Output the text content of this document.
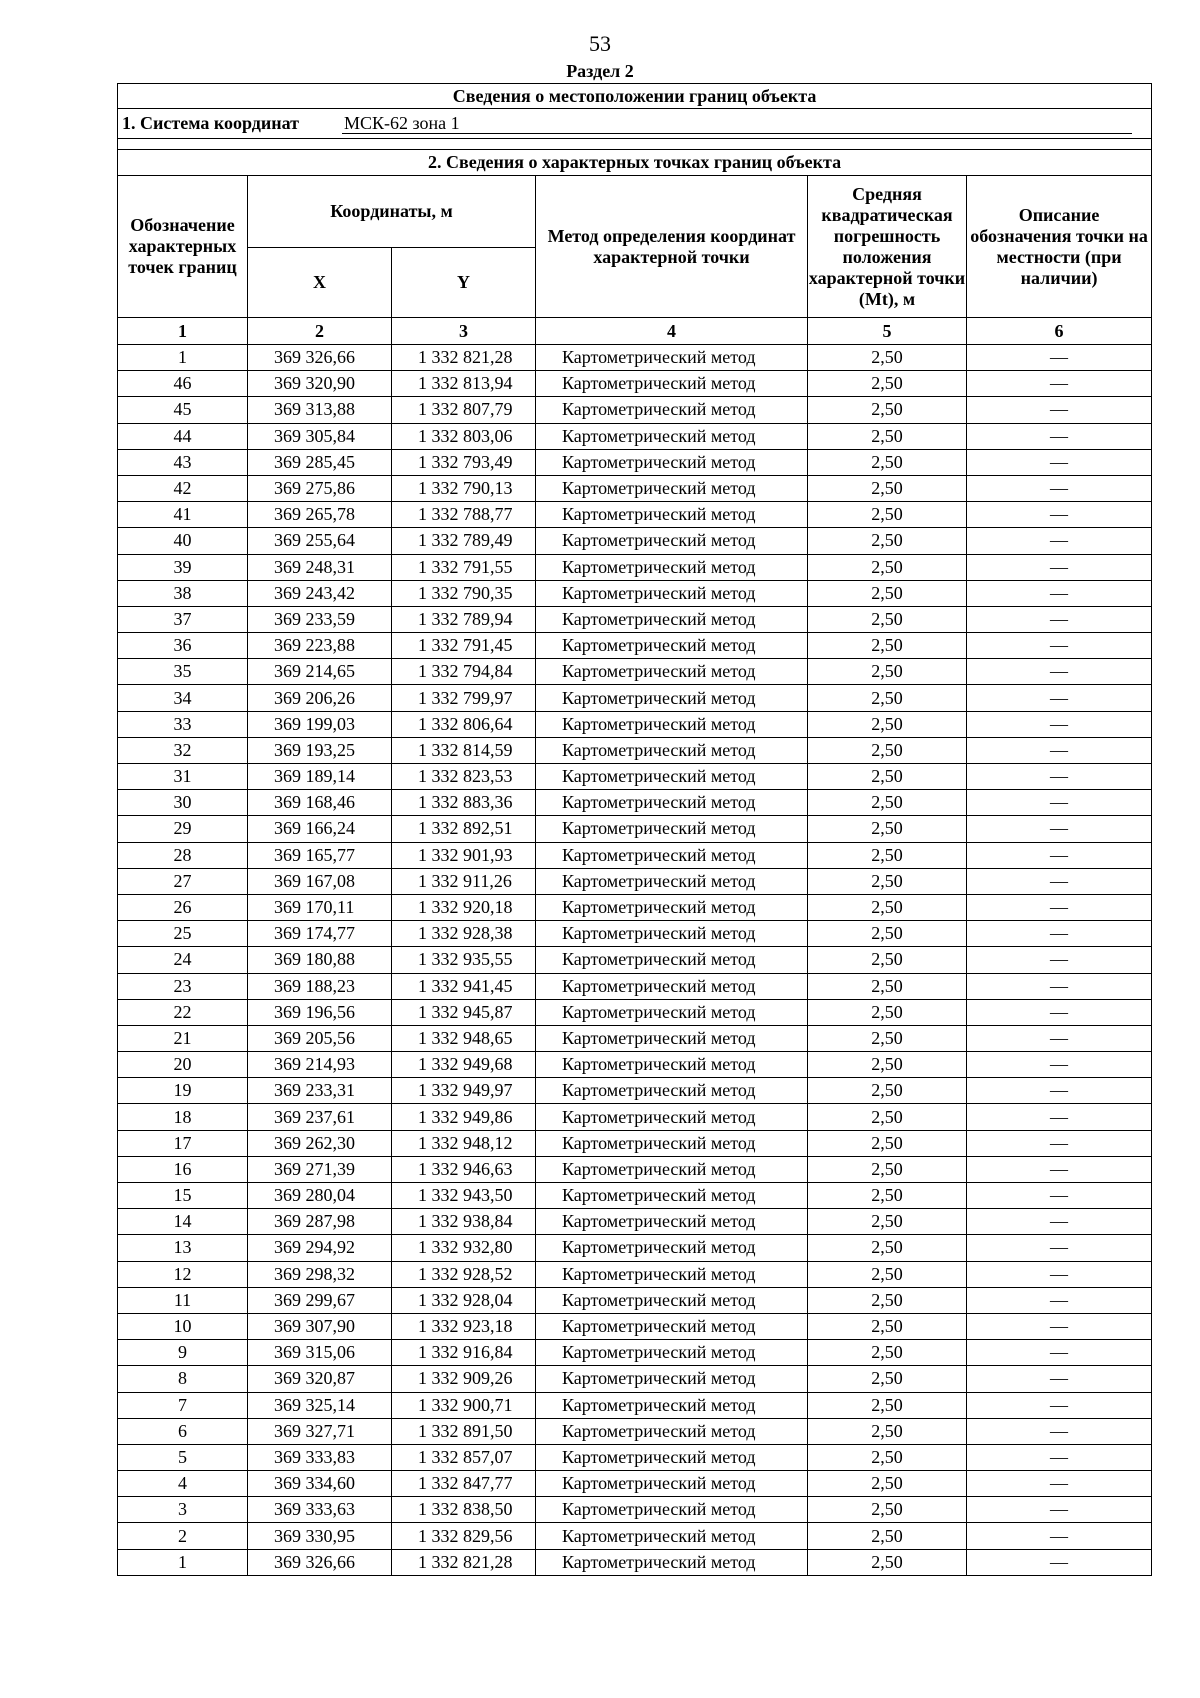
53
Раздел 2
Сведения о местоположении границ объекта					
1. Система координат МСК-62 зона 1					

2. Сведения о характерных точках границ объекта					
Обозначение характерных точек границ	Координаты, м		Метод определения координат характерной точки	Средняя квадратическая погрешность положения характерной точки (Mt), м	Описание обозначения точки на местности (при наличии)
	X	Y			
1	2	3	4	5	6
1	369 326,66	1 332 821,28	Картометрический метод	2,50	—
46	369 320,90	1 332 813,94	Картометрический метод	2,50	—
45	369 313,88	1 332 807,79	Картометрический метод	2,50	—
44	369 305,84	1 332 803,06	Картометрический метод	2,50	—
43	369 285,45	1 332 793,49	Картометрический метод	2,50	—
42	369 275,86	1 332 790,13	Картометрический метод	2,50	—
41	369 265,78	1 332 788,77	Картометрический метод	2,50	—
40	369 255,64	1 332 789,49	Картометрический метод	2,50	—
39	369 248,31	1 332 791,55	Картометрический метод	2,50	—
38	369 243,42	1 332 790,35	Картометрический метод	2,50	—
37	369 233,59	1 332 789,94	Картометрический метод	2,50	—
36	369 223,88	1 332 791,45	Картометрический метод	2,50	—
35	369 214,65	1 332 794,84	Картометрический метод	2,50	—
34	369 206,26	1 332 799,97	Картометрический метод	2,50	—
33	369 199,03	1 332 806,64	Картометрический метод	2,50	—
32	369 193,25	1 332 814,59	Картометрический метод	2,50	—
31	369 189,14	1 332 823,53	Картометрический метод	2,50	—
30	369 168,46	1 332 883,36	Картометрический метод	2,50	—
29	369 166,24	1 332 892,51	Картометрический метод	2,50	—
28	369 165,77	1 332 901,93	Картометрический метод	2,50	—
27	369 167,08	1 332 911,26	Картометрический метод	2,50	—
26	369 170,11	1 332 920,18	Картометрический метод	2,50	—
25	369 174,77	1 332 928,38	Картометрический метод	2,50	—
24	369 180,88	1 332 935,55	Картометрический метод	2,50	—
23	369 188,23	1 332 941,45	Картометрический метод	2,50	—
22	369 196,56	1 332 945,87	Картометрический метод	2,50	—
21	369 205,56	1 332 948,65	Картометрический метод	2,50	—
20	369 214,93	1 332 949,68	Картометрический метод	2,50	—
19	369 233,31	1 332 949,97	Картометрический метод	2,50	—
18	369 237,61	1 332 949,86	Картометрический метод	2,50	—
17	369 262,30	1 332 948,12	Картометрический метод	2,50	—
16	369 271,39	1 332 946,63	Картометрический метод	2,50	—
15	369 280,04	1 332 943,50	Картометрический метод	2,50	—
14	369 287,98	1 332 938,84	Картометрический метод	2,50	—
13	369 294,92	1 332 932,80	Картометрический метод	2,50	—
12	369 298,32	1 332 928,52	Картометрический метод	2,50	—
11	369 299,67	1 332 928,04	Картометрический метод	2,50	—
10	369 307,90	1 332 923,18	Картометрический метод	2,50	—
9	369 315,06	1 332 916,84	Картометрический метод	2,50	—
8	369 320,87	1 332 909,26	Картометрический метод	2,50	—
7	369 325,14	1 332 900,71	Картометрический метод	2,50	—
6	369 327,71	1 332 891,50	Картометрический метод	2,50	—
5	369 333,83	1 332 857,07	Картометрический метод	2,50	—
4	369 334,60	1 332 847,77	Картометрический метод	2,50	—
3	369 333,63	1 332 838,50	Картометрический метод	2,50	—
2	369 330,95	1 332 829,56	Картометрический метод	2,50	—
1	369 326,66	1 332 821,28	Картометрический метод	2,50	—
